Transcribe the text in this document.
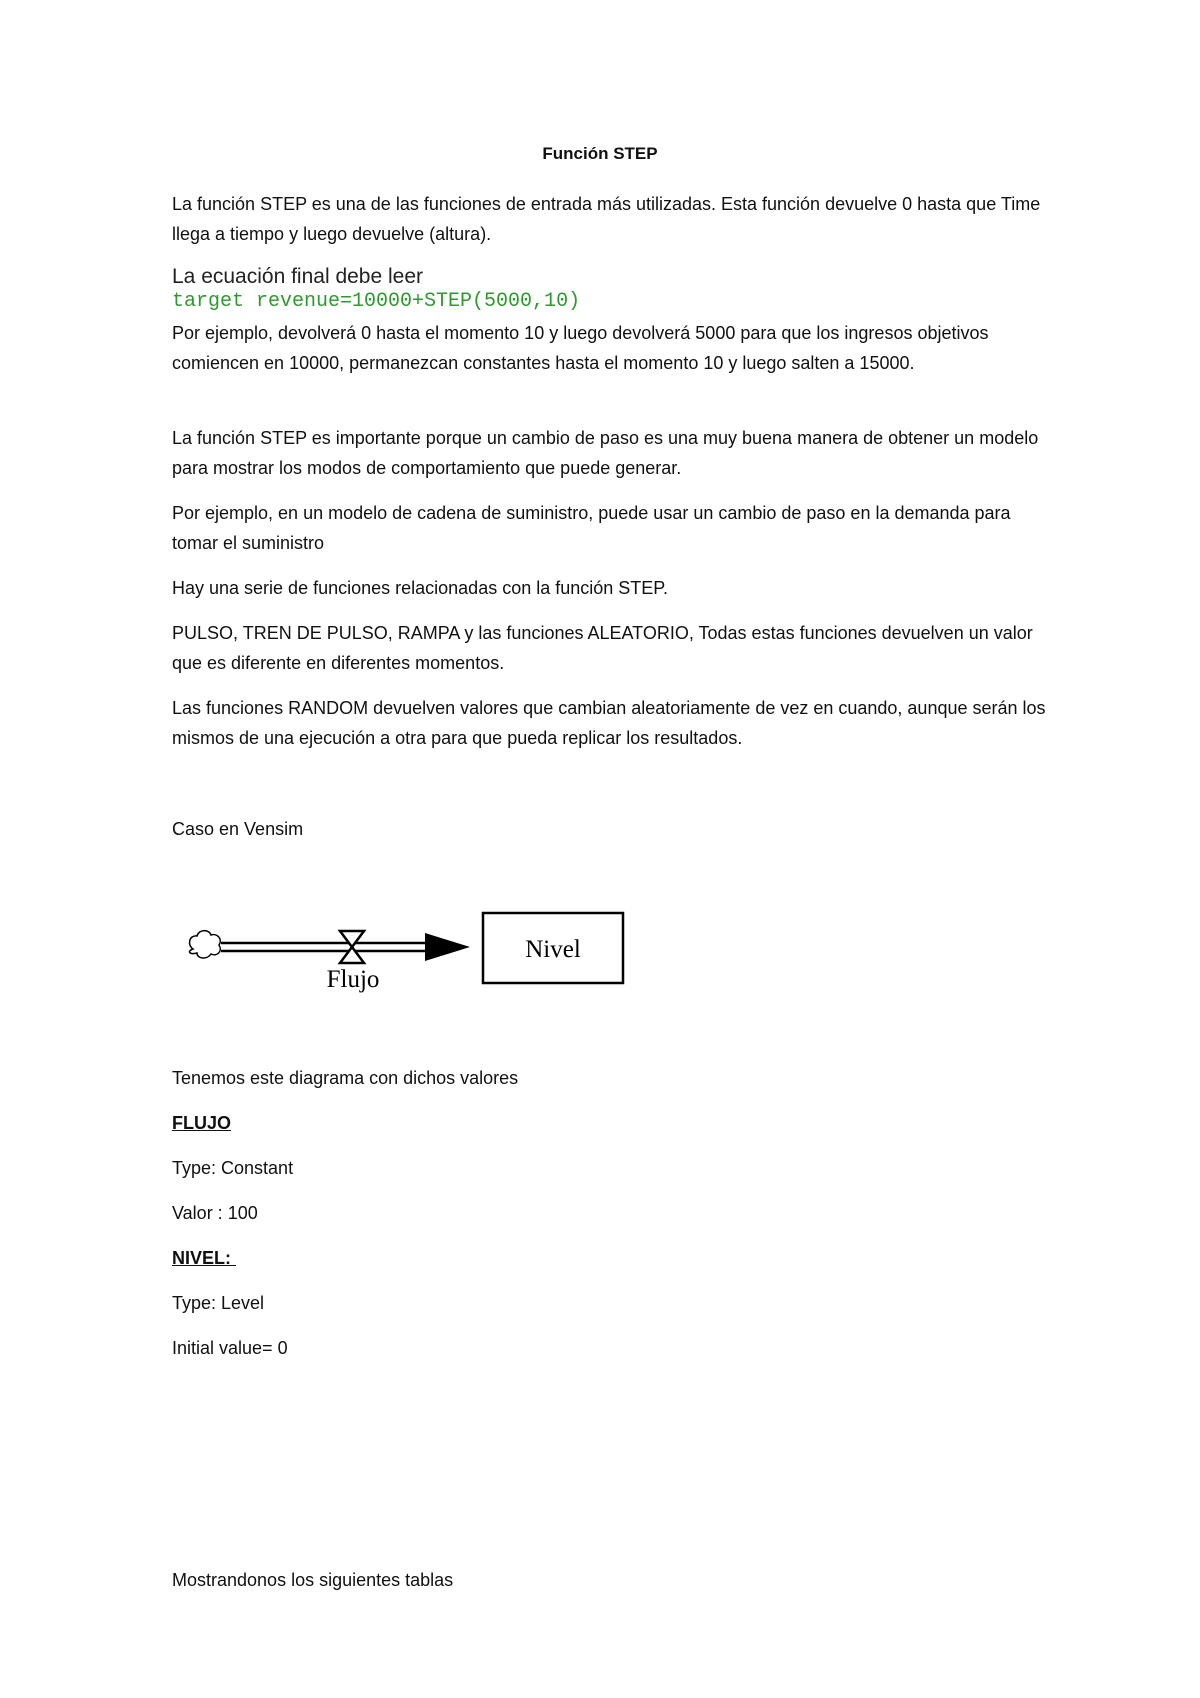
Función STEP

La función STEP es una de las funciones de entrada más utilizadas. Esta función devuelve 0 hasta que Time llega a tiempo y luego devuelve (altura).

La ecuación final debe leer

target revenue=10000+STEP(5000,10)

Por ejemplo, devolverá 0 hasta el momento 10 y luego devolverá 5000 para que los ingresos objetivos comiencen en 10000, permanezcan constantes hasta el momento 10 y luego salten a 15000.

La función STEP es importante porque un cambio de paso es una muy buena manera de obtener un modelo para mostrar los modos de comportamiento que puede generar.

Por ejemplo, en un modelo de cadena de suministro, puede usar un cambio de paso en la demanda para tomar el suministro

Hay una serie de funciones relacionadas con la función STEP.

PULSO, TREN DE PULSO, RAMPA y las funciones ALEATORIO, Todas estas funciones devuelven un valor que es diferente en diferentes momentos.

Las funciones RANDOM devuelven valores que cambian aleatoriamente de vez en cuando, aunque serán los mismos de una ejecución a otra para que pueda replicar los resultados.

Caso en Vensim

Flujo
Nivel

Tenemos este diagrama con dichos valores

FLUJO

Type: Constant

Valor : 100

NIVEL:

Type: Level

Initial value= 0

Mostrandonos los siguientes tablas
